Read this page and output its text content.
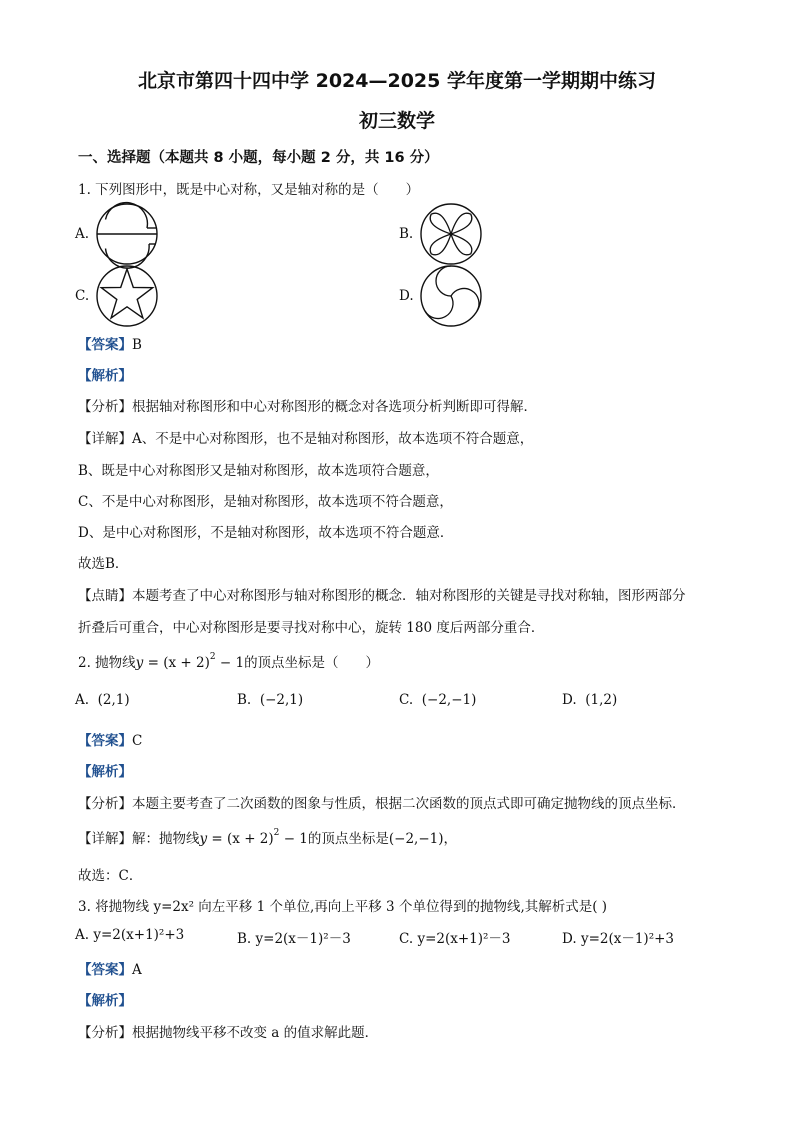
北京市第四十四中学 2024—2025 学年度第一学期期中练习
初三数学
一、选择题（本题共 8 小题，每小题 2 分，共 16 分）
1. 下列图形中，既是中心对称，又是轴对称的是（　　）
A.	B.
C.	D.
【答案】B
【解析】
【分析】根据轴对称图形和中心对称图形的概念对各选项分析判断即可得解．
【详解】A、不是中心对称图形，也不是轴对称图形，故本选项不符合题意，
B、既是中心对称图形又是轴对称图形，故本选项符合题意，
C、不是中心对称图形，是轴对称图形，故本选项不符合题意，
D、是中心对称图形，不是轴对称图形，故本选项不符合题意．
故选B．
【点睛】本题考查了中心对称图形与轴对称图形的概念．轴对称图形的关键是寻找对称轴，图形两部分
折叠后可重合，中心对称图形是要寻找对称中心，旋转 180 度后两部分重合．
2. 抛物线$y = (x + 2)^2 - 1$的顶点坐标是（　　）
A. (2,1)	B. (−2,1)	C. (−2,−1)	D. (1,2)
【答案】C
【解析】
【分析】本题主要考查了二次函数的图象与性质，根据二次函数的顶点式即可确定抛物线的顶点坐标．
【详解】解：抛物线$y = (x + 2)^2 - 1$的顶点坐标是(−2,−1)，
故选：C．
3. 将抛物线 y=2x² 向左平移 1 个单位,再向上平移 3 个单位得到的抛物线,其解析式是( )
A. y=2(x+1)²+3	B. y=2(x－1)²－3	C. y=2(x+1)²－3	D. y=2(x－1)²+3
【答案】A
【解析】
【分析】根据抛物线平移不改变 a 的值求解此题．
